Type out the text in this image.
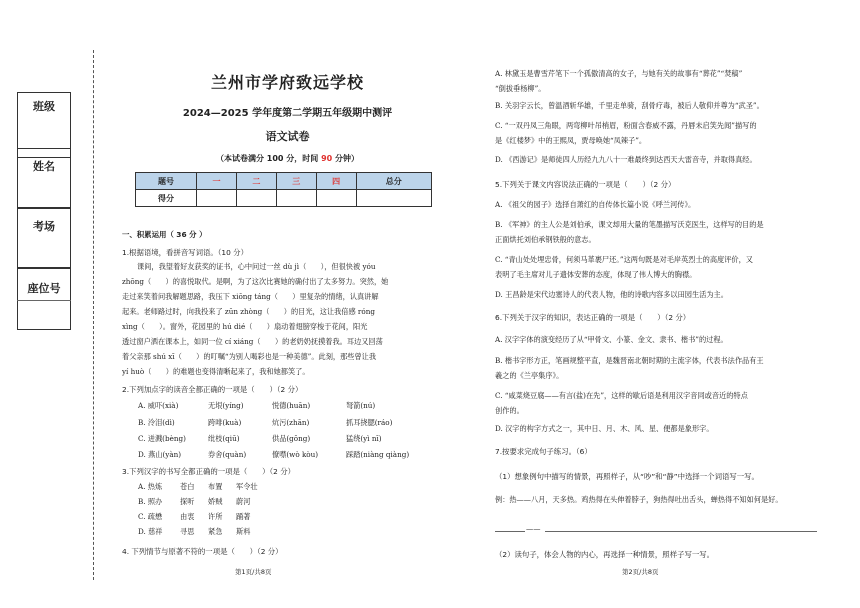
班级
姓名
考场
座位号
兰州市学府致远学校
2024—2025 学年度第二学期五年级期中测评
语文试卷
（本试卷满分 100 分，时间 90 分钟）
题号	一	二	三	四	总分
得分					
一、积累运用（ 36 分 ）
1.根据语境，看拼音写词语。（10 分）
课间，我望着好友获奖的证书，心中问过一丝 dù jì（　　），但很快被 yóu
zhōng（　　）的喜悦取代。是啊，为了这次比赛她的确付出了太多努力。突然，她
走过来笑着问我解题思路，我压下 xiōng táng（　　）里复杂的情绪，认真讲解
起来。老师路过时，向我投来了 zūn zhòng（　　）的目光，这让我倍感 róng
xìng（　　）。窗外，花园里的 hú dié（　　）扇动着翅膀穿梭于花间，阳光
透过窗户洒在课本上，如同一位 cí xiáng（　　）的老奶奶抚摸着我。耳边又回荡
着父亲那 shú xī（　　）的叮嘱“为别人喝彩也是一种美德”。此刻，那些曾让我
yí huò（　　）的难题也变得清晰起来了，我和她都笑了。
2.下列加点字的读音全都正确的一项是（　　）（2 分）
A. 威吓(xià)	无垠(yíng)	悦德(huān)	弩箭(nú)
B. 泠泪(dì)	跨啡(kuà)	炕污(zhān)	抓耳挠腮(ráo)
C. 迸溅(bèng)	纰枝(qiū)	供品(gōng)	猛绕(yì nī)
D. 燕山(yàn)	券舍(quàn)	僚噤(wò kòu)	踩踏(niàng qiàng)
3.下列汉字的书写全都正确的一项是（　　）（2 分）
A. 热炼 苍白 布置 军令壮
B. 照办 探听 娇贼 蔚河
C. 疏懋 由衷 许所 踊著
D. 慈祥 寻思 紧急 斯料
4. 下列情节与原著不符的一项是（　　）（2 分）
第1页/共8页
A. 林黛玉是曹雪芹笔下一个孤傲清高的女子，与她有关的故事有“葬花”“焚稿”
“倒拔垂杨柳”。
B. 关羽字云长，曾温酒斩华雄，千里走单骑，刮骨疗毒，被后人敬仰并尊为“武圣”。
C. “一双丹凤三角眼，两弯柳叶吊梢眉，粉面含春威不露，丹唇未启笑先闻”描写的
是《红楼梦》中的王熙凤，贾母唤她“凤辣子”。
D. 《西游记》是师徒四人历经九九八十一难最终到达西天大雷音寺，并取得真经。
5.下列关于课文内容说法正确的一项是（　　）（2 分）
A. 《祖父的园子》选择自萧红的自传体长篇小说《呼兰河传》。
B. 《军神》的主人公是刘伯承，课文却用大量的笔墨描写沃克医生，这样写的目的是
正面烘托刘伯承钢铁般的意志。
C. “青山处处埋忠骨，何须马革裹尸还。”这两句既是对毛岸英烈士的高度评价，又
表明了毛主席对儿子遗体安葬的态度，体现了伟人博大的胸襟。
D. 王昌龄是宋代边塞诗人的代表人物，他的诗歌内容多以田园生活为主。
6.下列关于汉字的知识，表达正确的一项是（　　）（2 分）
A. 汉字字体的演变经历了从“甲骨文、小篆、金文、隶书、楷书”的过程。
B. 楷书字形方正，笔画规整平直，是魏晋南北朝时期的主流字体，代表书法作品有王
羲之的《兰亭集序》。
C. “咸菜烧豆腐——有言(盐)在先”，这样的歇后语是利用汉字音同或音近的特点
创作的。
D. 汉字的构字方式之一，其中日、月、木、风、星、便都是象形字。
7.按要求完成句子练习。（6）
（1）想象例句中描写的情景，再照样子，从“吵”和“静”中选择一个词语写一写。
例：热——八月，天多热。鸡热得在头伸着脖子，狗热得吐出舌头，蝉热得不知如何是好。
——
（2）读句子，体会人物的内心，再选择一种情景，照样子写一写。
第2页/共8页
